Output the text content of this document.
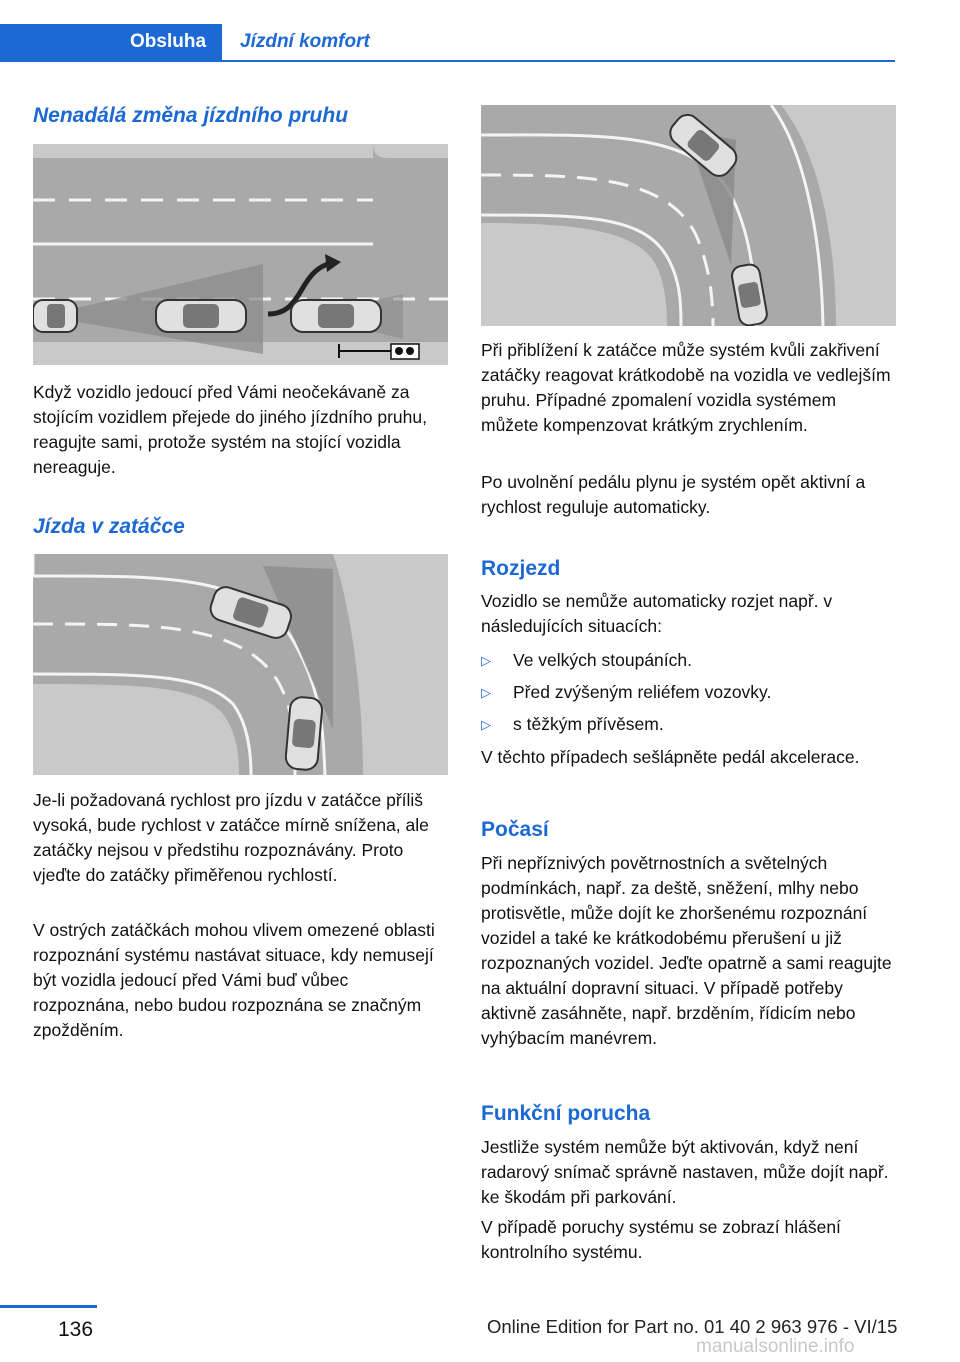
Obsluha	Jízdní komfort
Nenadálá změna jízdního pruhu

Když vozidlo jedoucí před Vámi neočekávaně za stojícím vozidlem přejede do jiného jízdního pruhu, reagujte sami, protože systém na stojící vozidla nereaguje.

Jízda v zatáčce

Je-li požadovaná rychlost pro jízdu v zatáčce příliš vysoká, bude rychlost v zatáčce mírně snížena, ale zatáčky nejsou v předstihu rozpoznávány. Proto vjeďte do zatáčky přiměřenou rychlostí.

V ostrých zatáčkách mohou vlivem omezené oblasti rozpoznání systému nastávat situace, kdy nemusejí být vozidla jedoucí před Vámi buď vůbec rozpoznána, nebo budou rozpoznána se značným zpožděním.

Při přiblížení k zatáčce může systém kvůli zakřivení zatáčky reagovat krátkodobě na vozidla ve vedlejším pruhu. Případné zpomalení vozidla systémem můžete kompenzovat krátkým zrychlením.

Po uvolnění pedálu plynu je systém opět aktivní a rychlost reguluje automaticky.

Rozjezd

Vozidlo se nemůže automaticky rozjet např. v následujících situacích:

▷ Ve velkých stoupáních.
▷ Před zvýšeným reliéfem vozovky.
▷ s těžkým přívěsem.

V těchto případech sešlápněte pedál akcelerace.

Počasí

Při nepříznivých povětrnostních a světelných podmínkách, např. za deště, sněžení, mlhy nebo protisvětle, může dojít ke zhoršenému rozpoznání vozidel a také ke krátkodobému přerušení u již rozpoznaných vozidel. Jeďte opatrně a sami reagujte na aktuální dopravní situaci. V případě potřeby aktivně zasáhněte, např. brzděním, řídicím nebo vyhýbacím manévrem.

Funkční porucha

Jestliže systém nemůže být aktivován, když není radarový snímač správně nastaven, může dojít např. ke škodám při parkování.

V případě poruchy systému se zobrazí hlášení kontrolního systému.

136	Online Edition for Part no. 01 40 2 963 976 - VI/15
manualsonline.info
